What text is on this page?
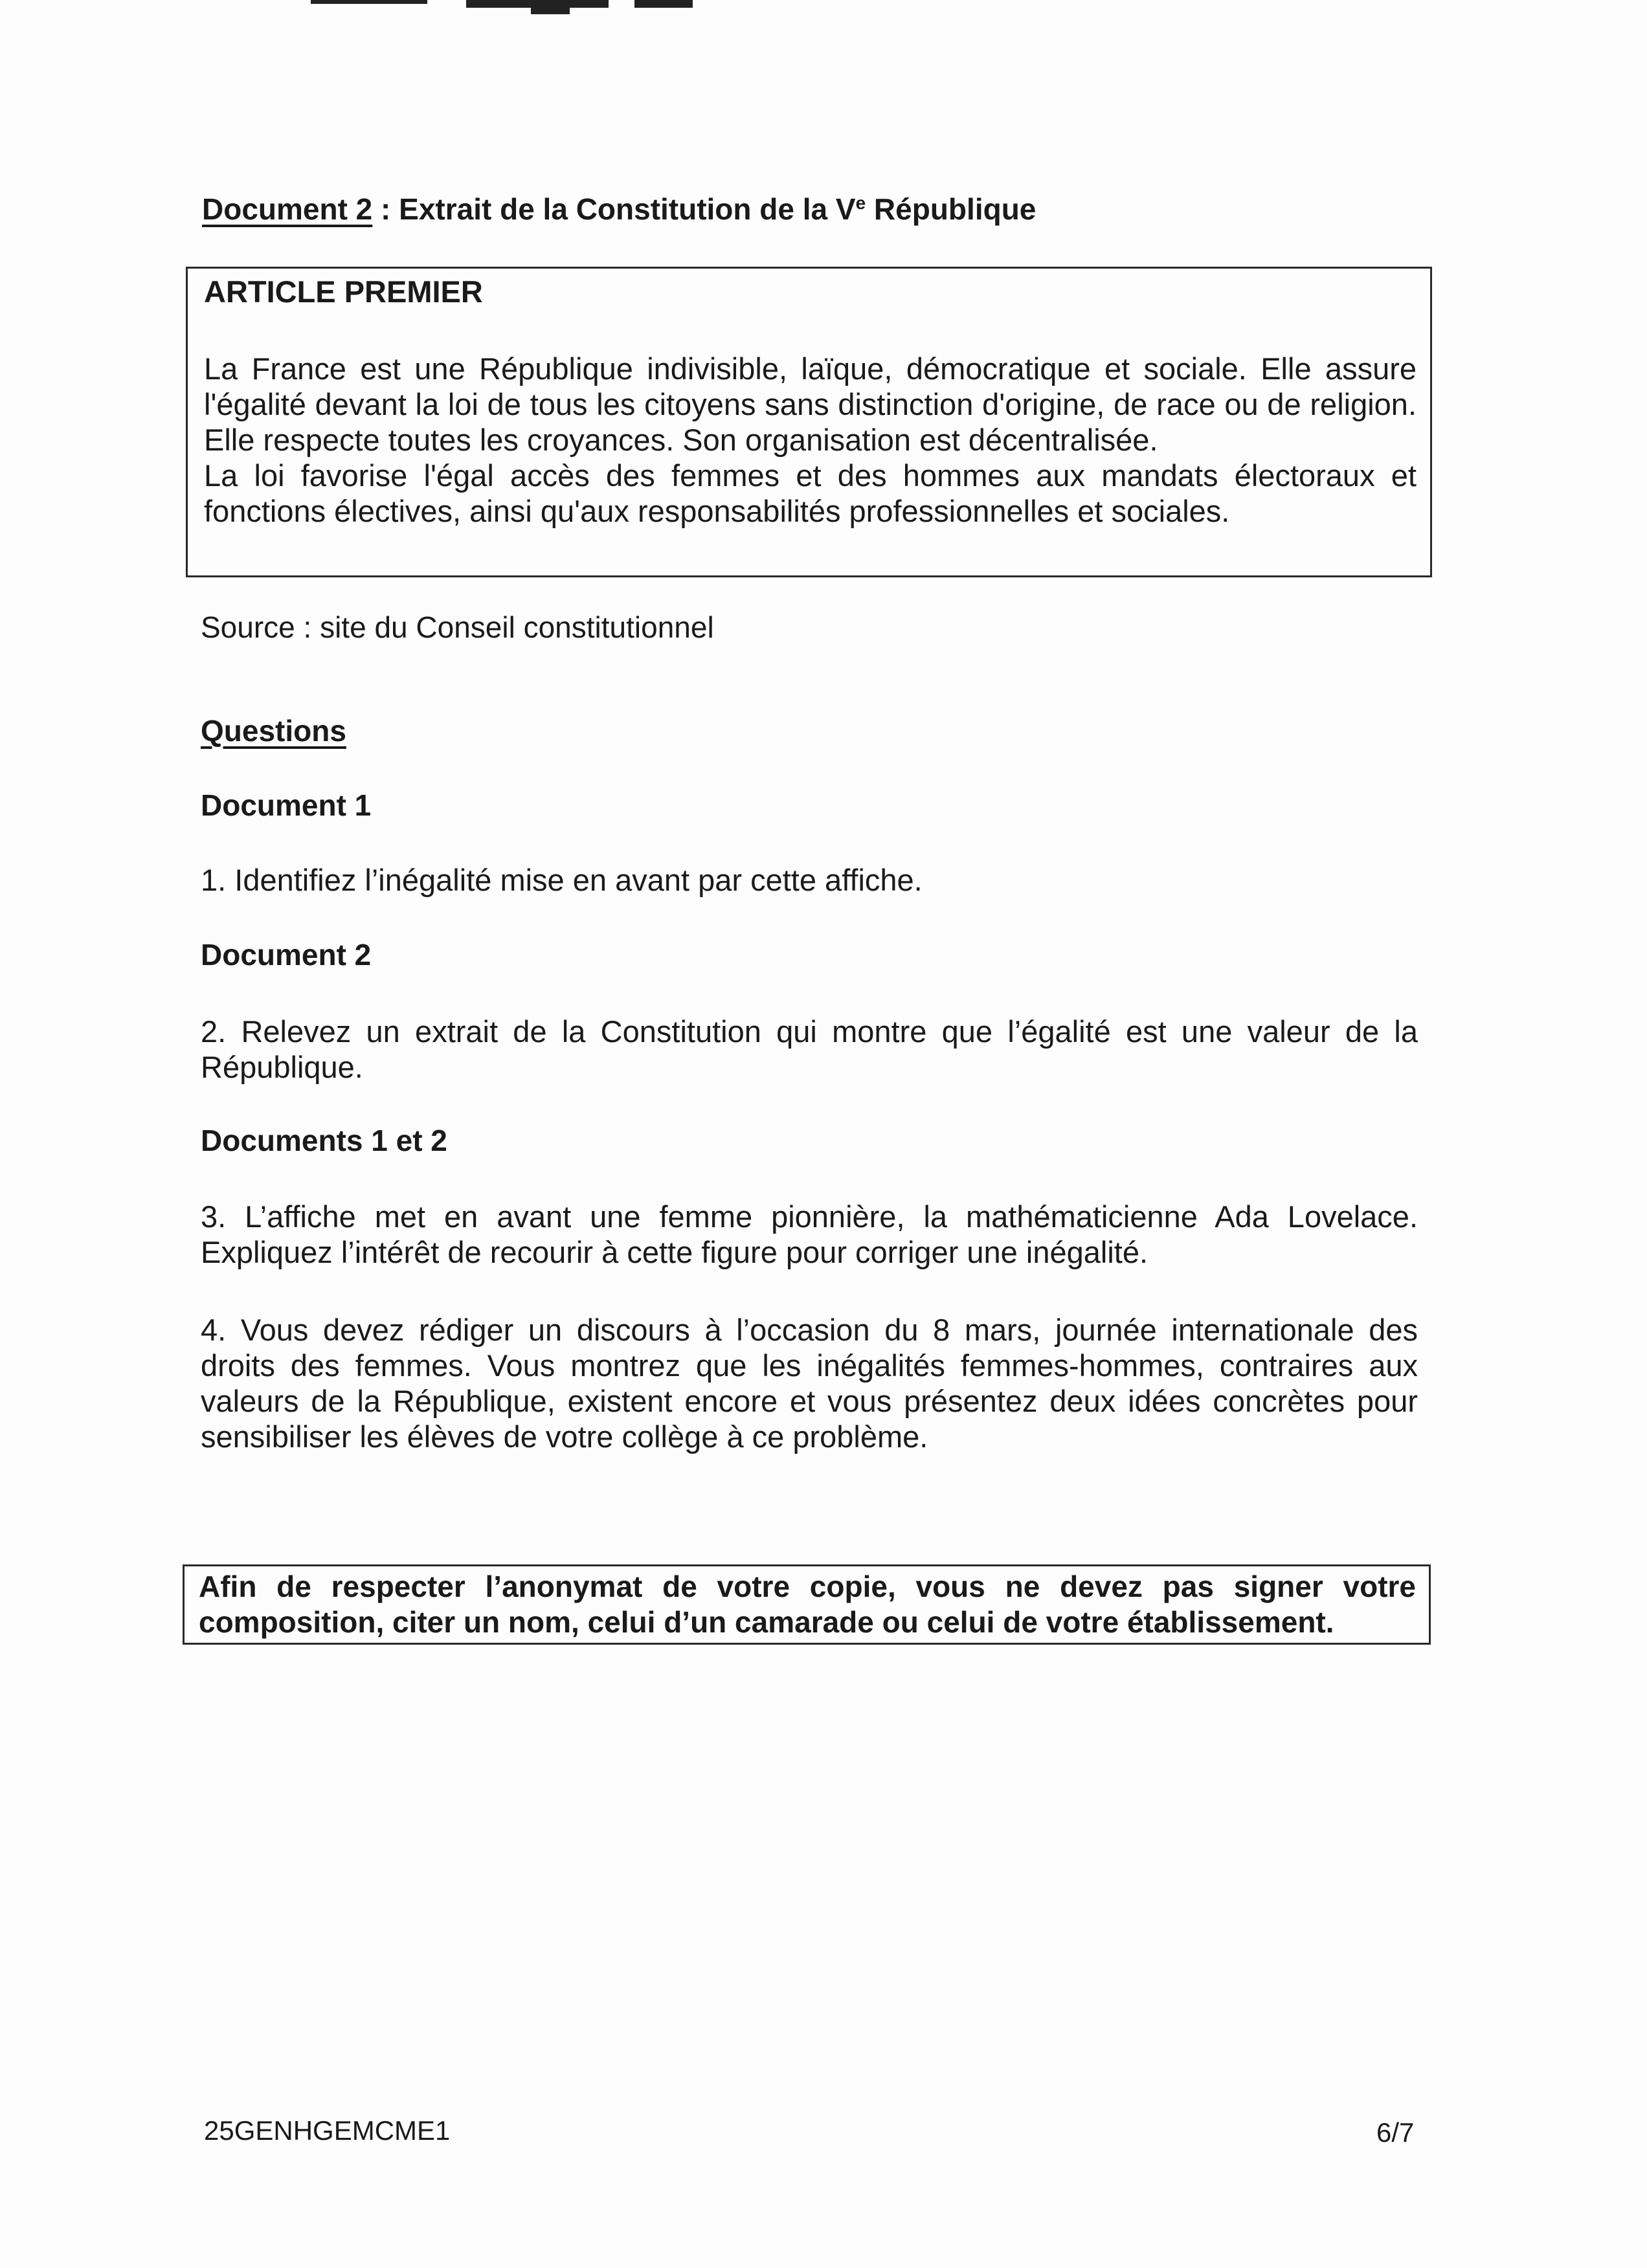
Document 2 : Extrait de la Constitution de la Ve République
ARTICLE PREMIER

La France est une République indivisible, laïque, démocratique et sociale. Elle assure l'égalité devant la loi de tous les citoyens sans distinction d'origine, de race ou de religion. Elle respecte toutes les croyances. Son organisation est décentralisée.

La loi favorise l'égal accès des femmes et des hommes aux mandats électoraux et fonctions électives, ainsi qu'aux responsabilités professionnelles et sociales.

Source : site du Conseil constitutionnel
Questions
Document 1
1. Identifiez l’inégalité mise en avant par cette affiche.
Document 2
2. Relevez un extrait de la Constitution qui montre que l’égalité est une valeur de la République.
Documents 1 et 2
3. L’affiche met en avant une femme pionnière, la mathématicienne Ada Lovelace. Expliquez l’intérêt de recourir à cette figure pour corriger une inégalité.
4. Vous devez rédiger un discours à l’occasion du 8 mars, journée internationale des droits des femmes. Vous montrez que les inégalités femmes-hommes, contraires aux valeurs de la République, existent encore et vous présentez deux idées concrètes pour sensibiliser les élèves de votre collège à ce problème.
Afin de respecter l’anonymat de votre copie, vous ne devez pas signer votre composition, citer un nom, celui d’un camarade ou celui de votre établissement.
25GENHGEMCME1	6/7
